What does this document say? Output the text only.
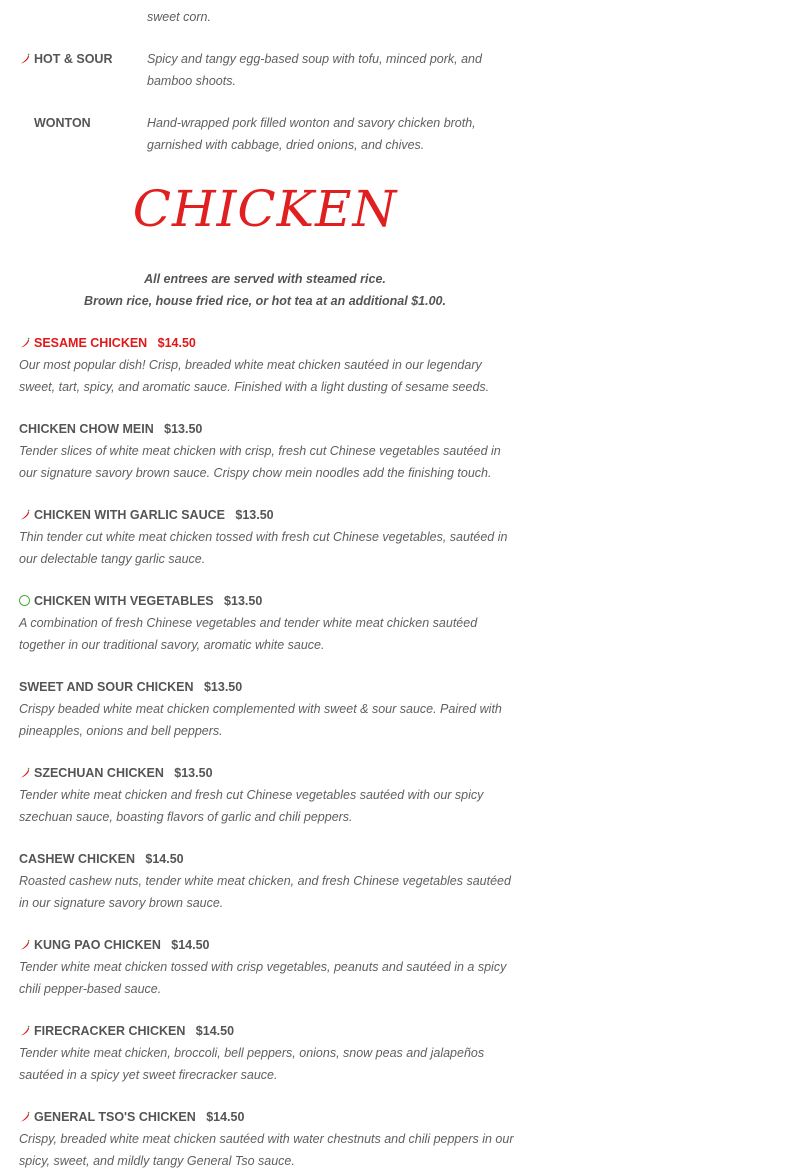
sweet corn.
HOT & SOUR	Spicy and tangy egg-based soup with tofu, minced pork, and bamboo shoots.
WONTON	Hand-wrapped pork filled wonton and savory chicken broth, garnished with cabbage, dried onions, and chives.
CHICKEN
All entrees are served with steamed rice.
Brown rice, house fried rice, or hot tea at an additional $1.00.
SESAME CHICKEN   $14.50
Our most popular dish! Crisp, breaded white meat chicken sautéed in our legendary sweet, tart, spicy, and aromatic sauce. Finished with a light dusting of sesame seeds.
CHICKEN CHOW MEIN   $13.50
Tender slices of white meat chicken with crisp, fresh cut Chinese vegetables sautéed in our signature savory brown sauce. Crispy chow mein noodles add the finishing touch.
CHICKEN WITH GARLIC SAUCE   $13.50
Thin tender cut white meat chicken tossed with fresh cut Chinese vegetables, sautéed in our delectable tangy garlic sauce.
CHICKEN WITH VEGETABLES   $13.50
A combination of fresh Chinese vegetables and tender white meat chicken sautéed together in our traditional savory, aromatic white sauce.
SWEET AND SOUR CHICKEN   $13.50
Crispy beaded white meat chicken complemented with sweet & sour sauce. Paired with pineapples, onions and bell peppers.
SZECHUAN CHICKEN   $13.50
Tender white meat chicken and fresh cut Chinese vegetables sautéed with our spicy szechuan sauce, boasting flavors of garlic and chili peppers.
CASHEW CHICKEN   $14.50
Roasted cashew nuts, tender white meat chicken, and fresh Chinese vegetables sautéed in our signature savory brown sauce.
KUNG PAO CHICKEN   $14.50
Tender white meat chicken tossed with crisp vegetables, peanuts and sautéed in a spicy chili pepper-based sauce.
FIRECRACKER CHICKEN   $14.50
Tender white meat chicken, broccoli, bell peppers, onions, snow peas and jalapeños sautéed in a spicy yet sweet firecracker sauce.
GENERAL TSO'S CHICKEN   $14.50
Crispy, breaded white meat chicken sautéed with water chestnuts and chili peppers in our spicy, sweet, and mildly tangy General Tso sauce.
